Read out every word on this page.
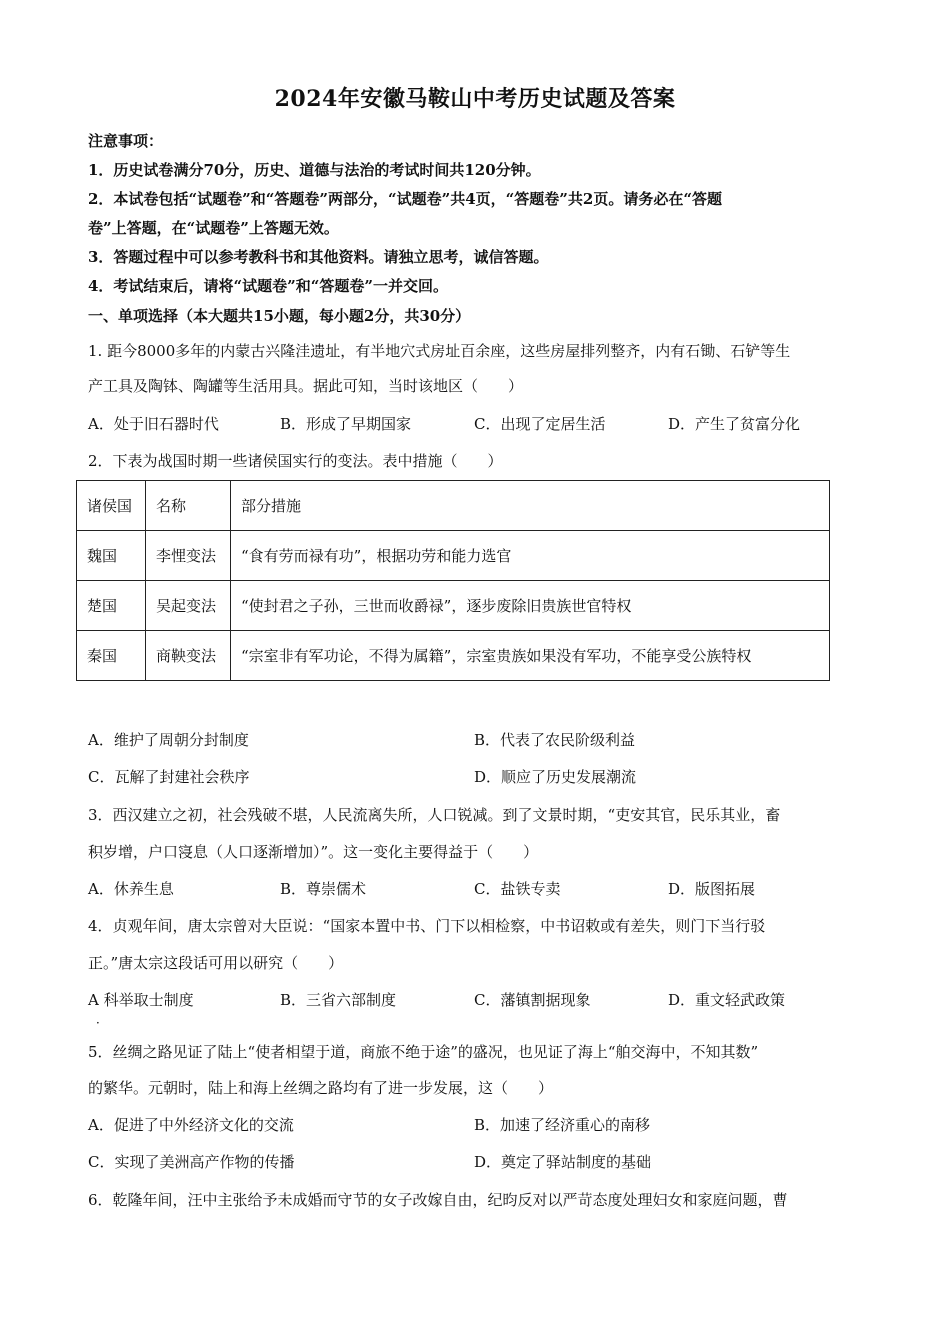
2024年安徽马鞍山中考历史试题及答案
注意事项：
1．历史试卷满分70分，历史、道德与法治的考试时间共120分钟。
2．本试卷包括“试题卷”和“答题卷”两部分，“试题卷”共4页，“答题卷”共2页。请务必在“答题
卷”上答题，在“试题卷”上答题无效。
3．答题过程中可以参考教科书和其他资料。请独立思考，诚信答题。
4．考试结束后，请将“试题卷”和“答题卷”一并交回。
一、单项选择（本大题共15小题，每小题2分，共30分）
1. 距今8000多年的内蒙古兴隆洼遗址，有半地穴式房址百余座，这些房屋排列整齐，内有石锄、石铲等生
产工具及陶钵、陶罐等生活用具。据此可知，当时该地区（　　）
A．处于旧石器时代	B．形成了早期国家	C．出现了定居生活	D．产生了贫富分化
2．下表为战国时期一些诸侯国实行的变法。表中措施（　　）
诸侯国	名称	部分措施
魏国	李悝变法	“食有劳而禄有功”，根据功劳和能力选官
楚国	吴起变法	“使封君之子孙，三世而收爵禄”，逐步废除旧贵族世官特权
秦国	商鞅变法	“宗室非有军功论，不得为属籍”，宗室贵族如果没有军功，不能享受公族特权
A．维护了周朝分封制度	B．代表了农民阶级利益
C．瓦解了封建社会秩序	D．顺应了历史发展潮流
3．西汉建立之初，社会残破不堪，人民流离失所，人口锐减。到了文景时期，“吏安其官，民乐其业，畜
积岁增，户口寖息（人口逐渐增加）”。这一变化主要得益于（　　）
A．休养生息	B．尊崇儒术	C．盐铁专卖	D．版图拓展
4．贞观年间，唐太宗曾对大臣说：“国家本置中书、门下以相检察，中书诏敕或有差失，则门下当行驳
正。”唐太宗这段话可用以研究（　　）
A 科举取士制度	B．三省六部制度	C．藩镇割据现象	D．重文轻武政策
．
5．丝绸之路见证了陆上“使者相望于道，商旅不绝于途”的盛况，也见证了海上“舶交海中，不知其数”
的繁华。元朝时，陆上和海上丝绸之路均有了进一步发展，这（　　）
A．促进了中外经济文化的交流	B．加速了经济重心的南移
C．实现了美洲高产作物的传播	D．奠定了驿站制度的基础
6．乾隆年间，汪中主张给予未成婚而守节的女子改嫁自由，纪昀反对以严苛态度处理妇女和家庭问题，曹
